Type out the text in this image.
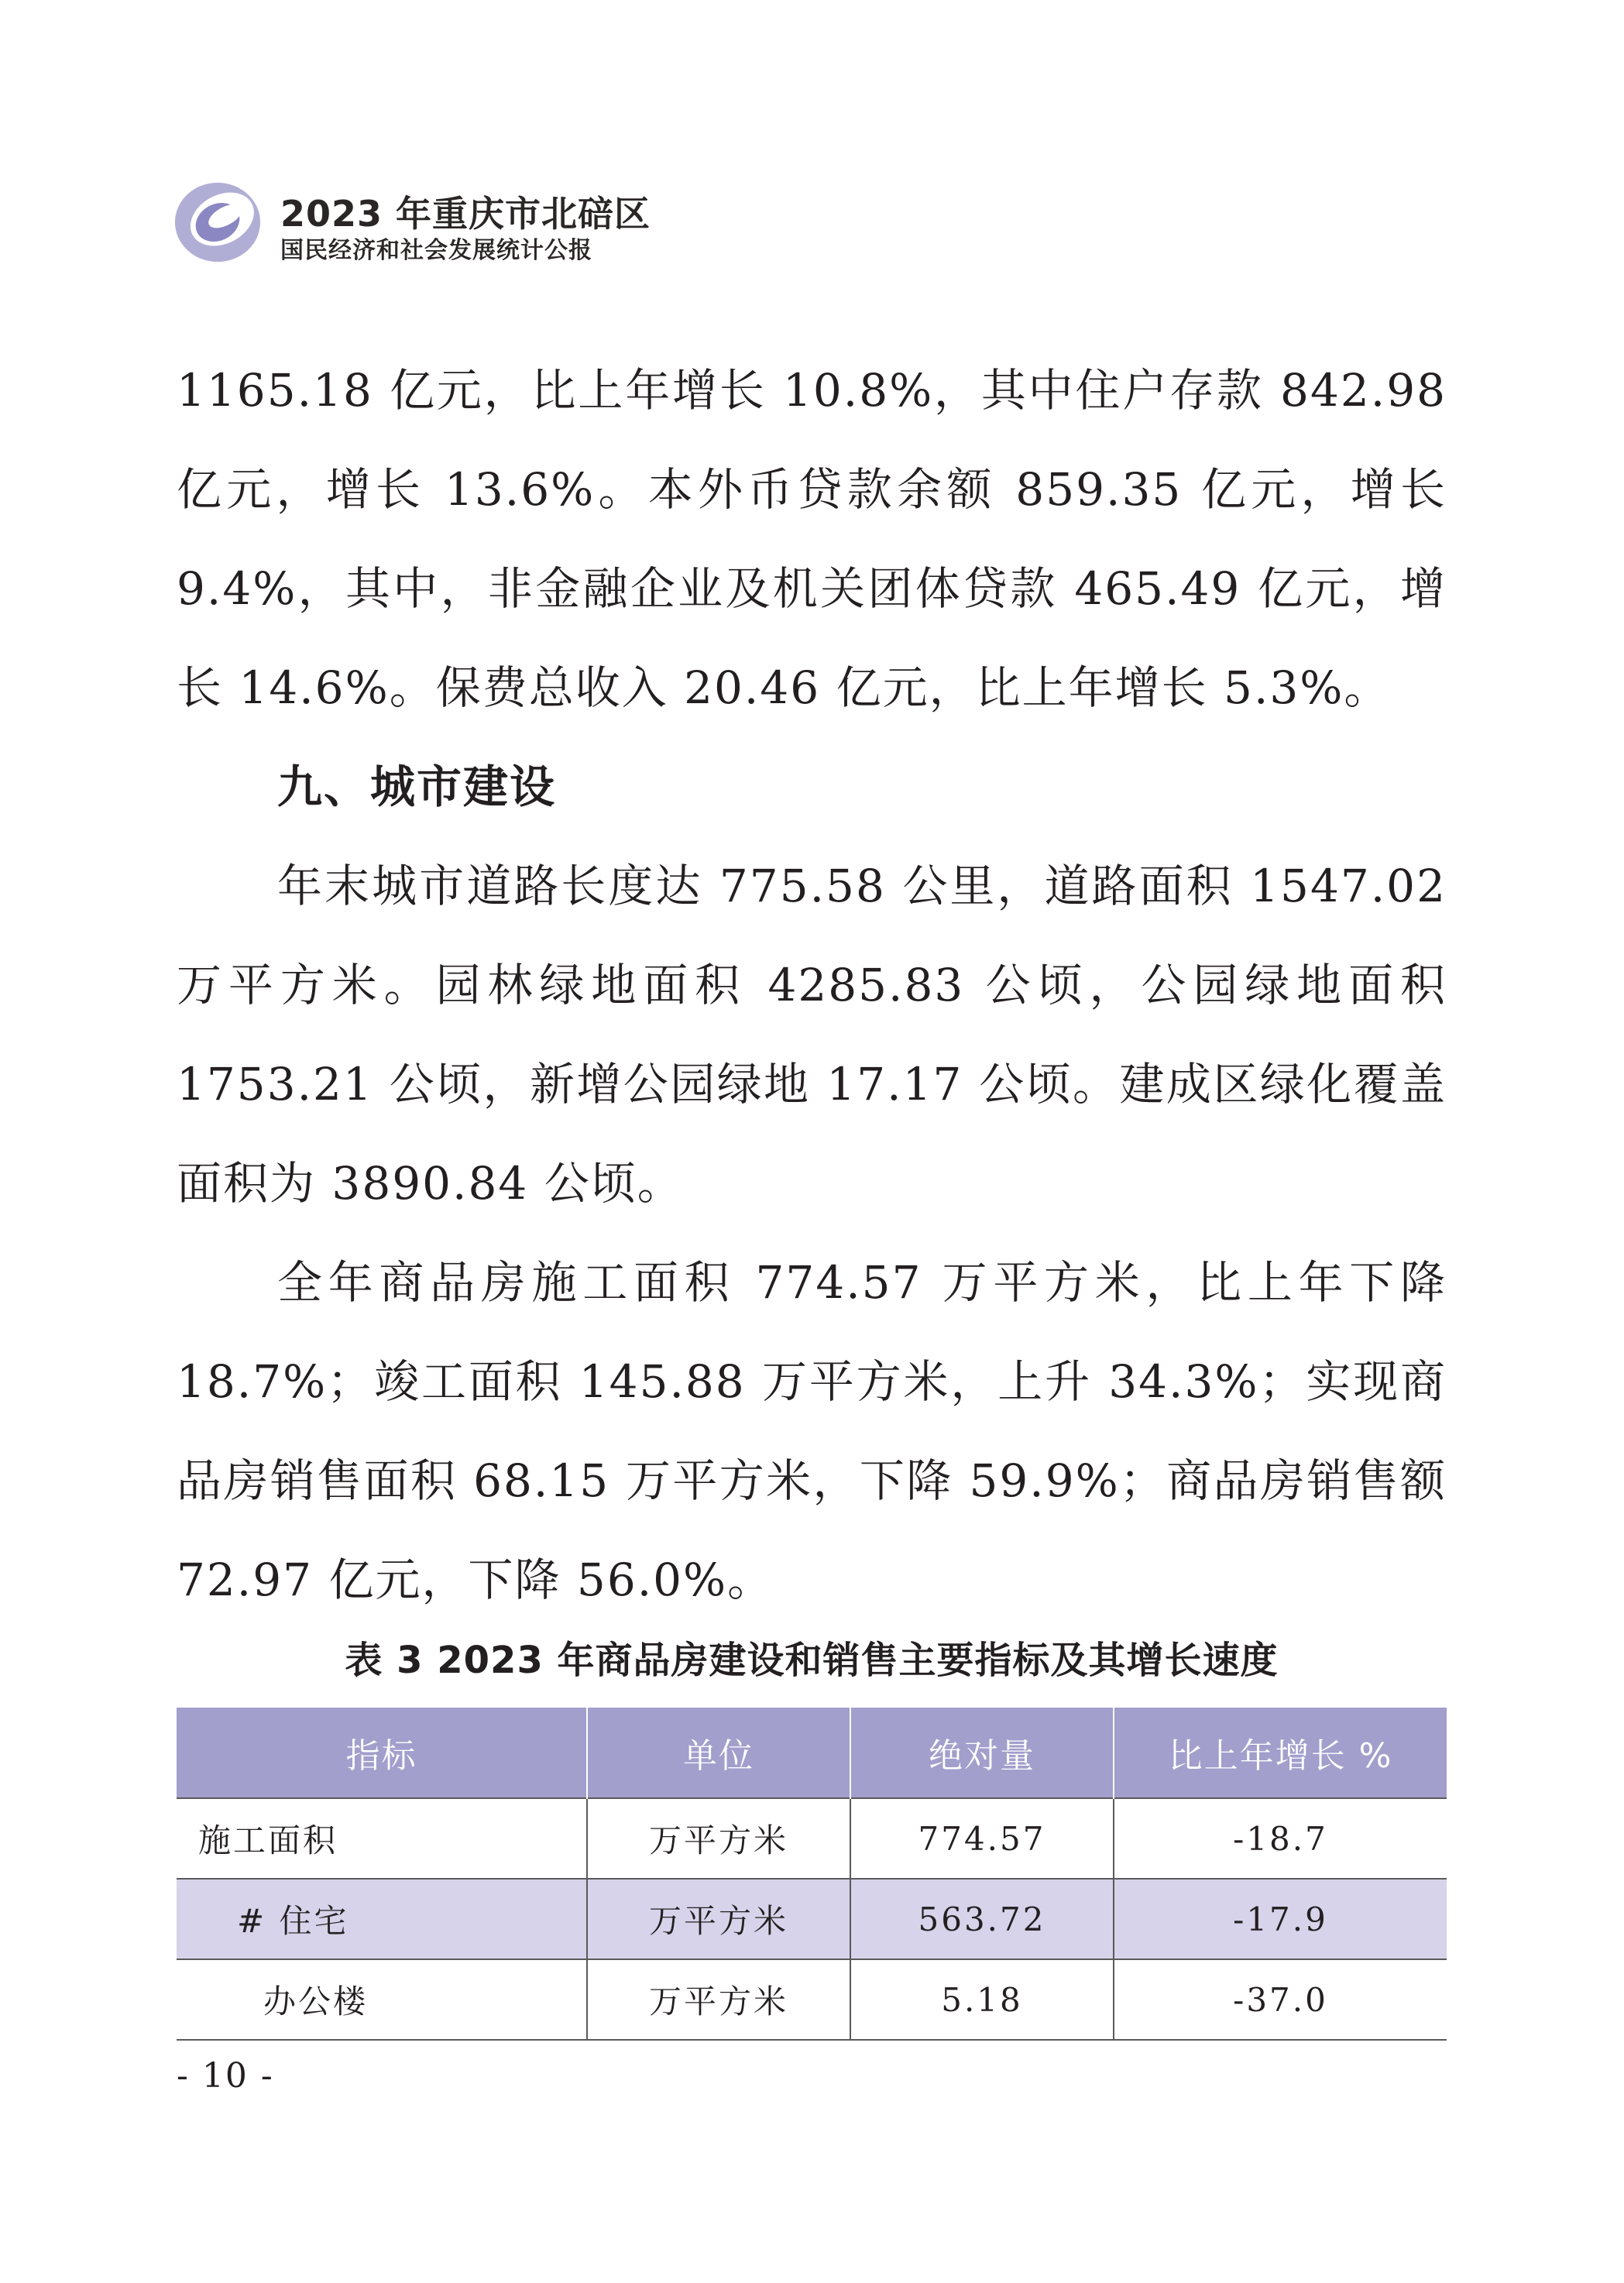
2023 年重庆市北碚区
国民经济和社会发展统计公报

1165.18 亿元，比上年增长 10.8%，其中住户存款 842.98 亿元，增长 13.6%。本外币贷款余额 859.35 亿元，增长 9.4%，其中，非金融企业及机关团体贷款 465.49 亿元，增长 14.6%。保费总收入 20.46 亿元，比上年增长 5.3%。

九、城市建设

年末城市道路长度达 775.58 公里，道路面积 1547.02 万平方米。园林绿地面积 4285.83 公顷，公园绿地面积 1753.21 公顷，新增公园绿地 17.17 公顷。建成区绿化覆盖面积为 3890.84 公顷。

全年商品房施工面积 774.57 万平方米，比上年下降 18.7%；竣工面积 145.88 万平方米，上升 34.3%；实现商品房销售面积 68.15 万平方米，下降 59.9%；商品房销售额 72.97 亿元，下降 56.0%。

表 3 2023 年商品房建设和销售主要指标及其增长速度
指标	单位	绝对量	比上年增长 %
施工面积	万平方米	774.57	-18.7
# 住宅	万平方米	563.72	-17.9
办公楼	万平方米	5.18	-37.0
- 10 -
